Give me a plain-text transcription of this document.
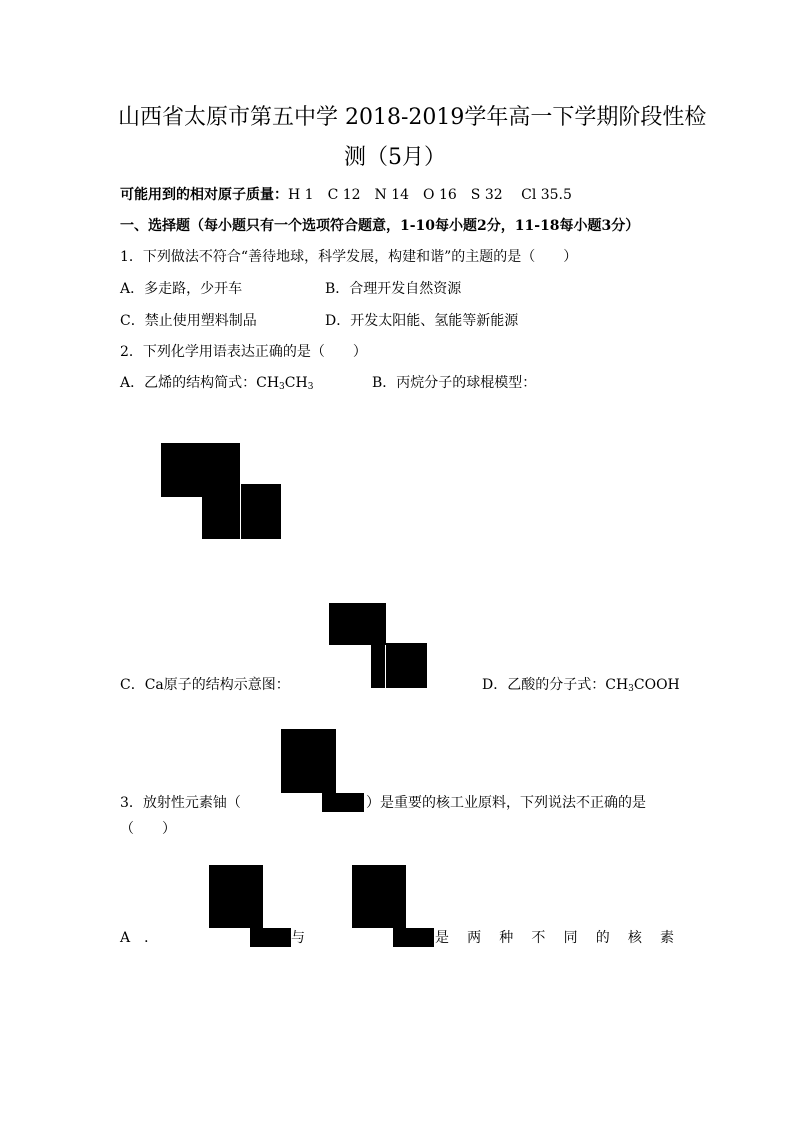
山西省太原市第五中学 2018-2019学年高一下学期阶段性检
测（5月）
可能用到的相对原子质量：H 1　C 12　N 14　O 16　S 32　 Cl 35.5
一、选择题（每小题只有一个选项符合题意，1-10每小题2分，11-18每小题3分）
1．下列做法不符合“善待地球，科学发展，构建和谐”的主题的是（　　）
A．多走路，少开车	B．合理开发自然资源
C．禁止使用塑料制品	D．开发太阳能、氢能等新能源
2．下列化学用语表达正确的是（　　）
A．乙烯的结构简式：$CH_3CH_3$	B．丙烷分子的球棍模型：
C．Ca原子的结构示意图：	D．乙酸的分子式：$CH_3COOH$
3．放射性元素铀（	）是重要的核工业原料，下列说法不正确的是
（　　）
A　．	与	是 两 种 不 同 的 核 素
